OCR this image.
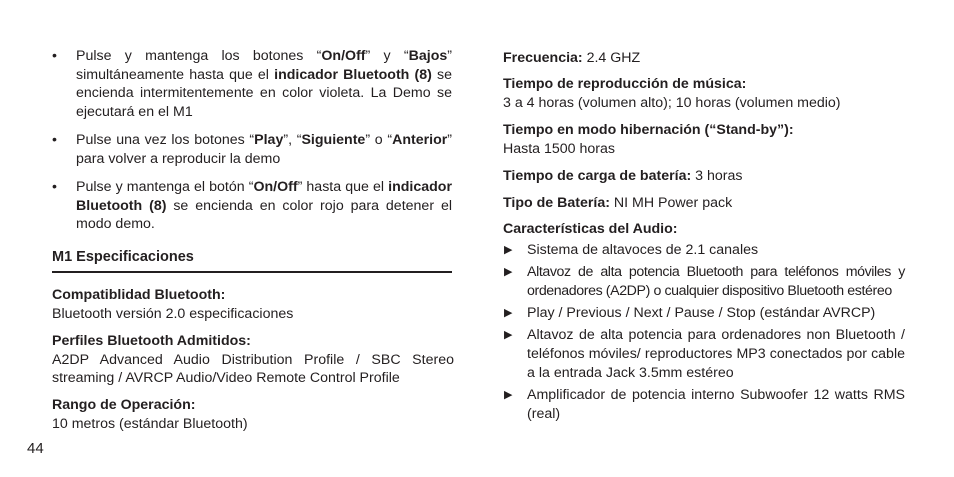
• Pulse y mantenga los botones “On/Off” y “Bajos” simultáneamente hasta que el indicador Bluetooth (8) se encienda intermitentemente en color violeta. La Demo se ejecutará en el M1
• Pulse una vez los botones “Play”, “Siguiente” o “Anterior” para volver a reproducir la demo
• Pulse y mantenga el botón “On/Off” hasta que el indicador Bluetooth (8) se encienda en color rojo para detener el modo demo.
M1 Especificaciones
Compatiblidad Bluetooth:
Bluetooth versión 2.0 especificaciones
Perfiles Bluetooth Admitidos:
A2DP Advanced Audio Distribution Profile / SBC Stereo streaming / AVRCP Audio/Video Remote Control Profile
Rango de Operación:
10 metros (estándar Bluetooth)
Frecuencia: 2.4 GHZ
Tiempo de reproducción de música:
3 a 4 horas (volumen alto); 10 horas (volumen medio)
Tiempo en modo hibernación (“Stand-by”):
Hasta 1500 horas
Tiempo de carga de batería: 3 horas
Tipo de Batería: NI MH Power pack
Características del Audio:
▶ Sistema de altavoces de 2.1 canales
▶ Altavoz de alta potencia Bluetooth para teléfonos móviles y ordenadores (A2DP) o cualquier dispositivo Bluetooth estéreo
▶ Play / Previous / Next / Pause / Stop (estándar AVRCP)
▶ Altavoz de alta potencia para ordenadores non Bluetooth / teléfonos móviles/ reproductores MP3 conectados por cable a la entrada Jack 3.5mm estéreo
▶ Amplificador de potencia interno Subwoofer 12 watts RMS (real)
44
